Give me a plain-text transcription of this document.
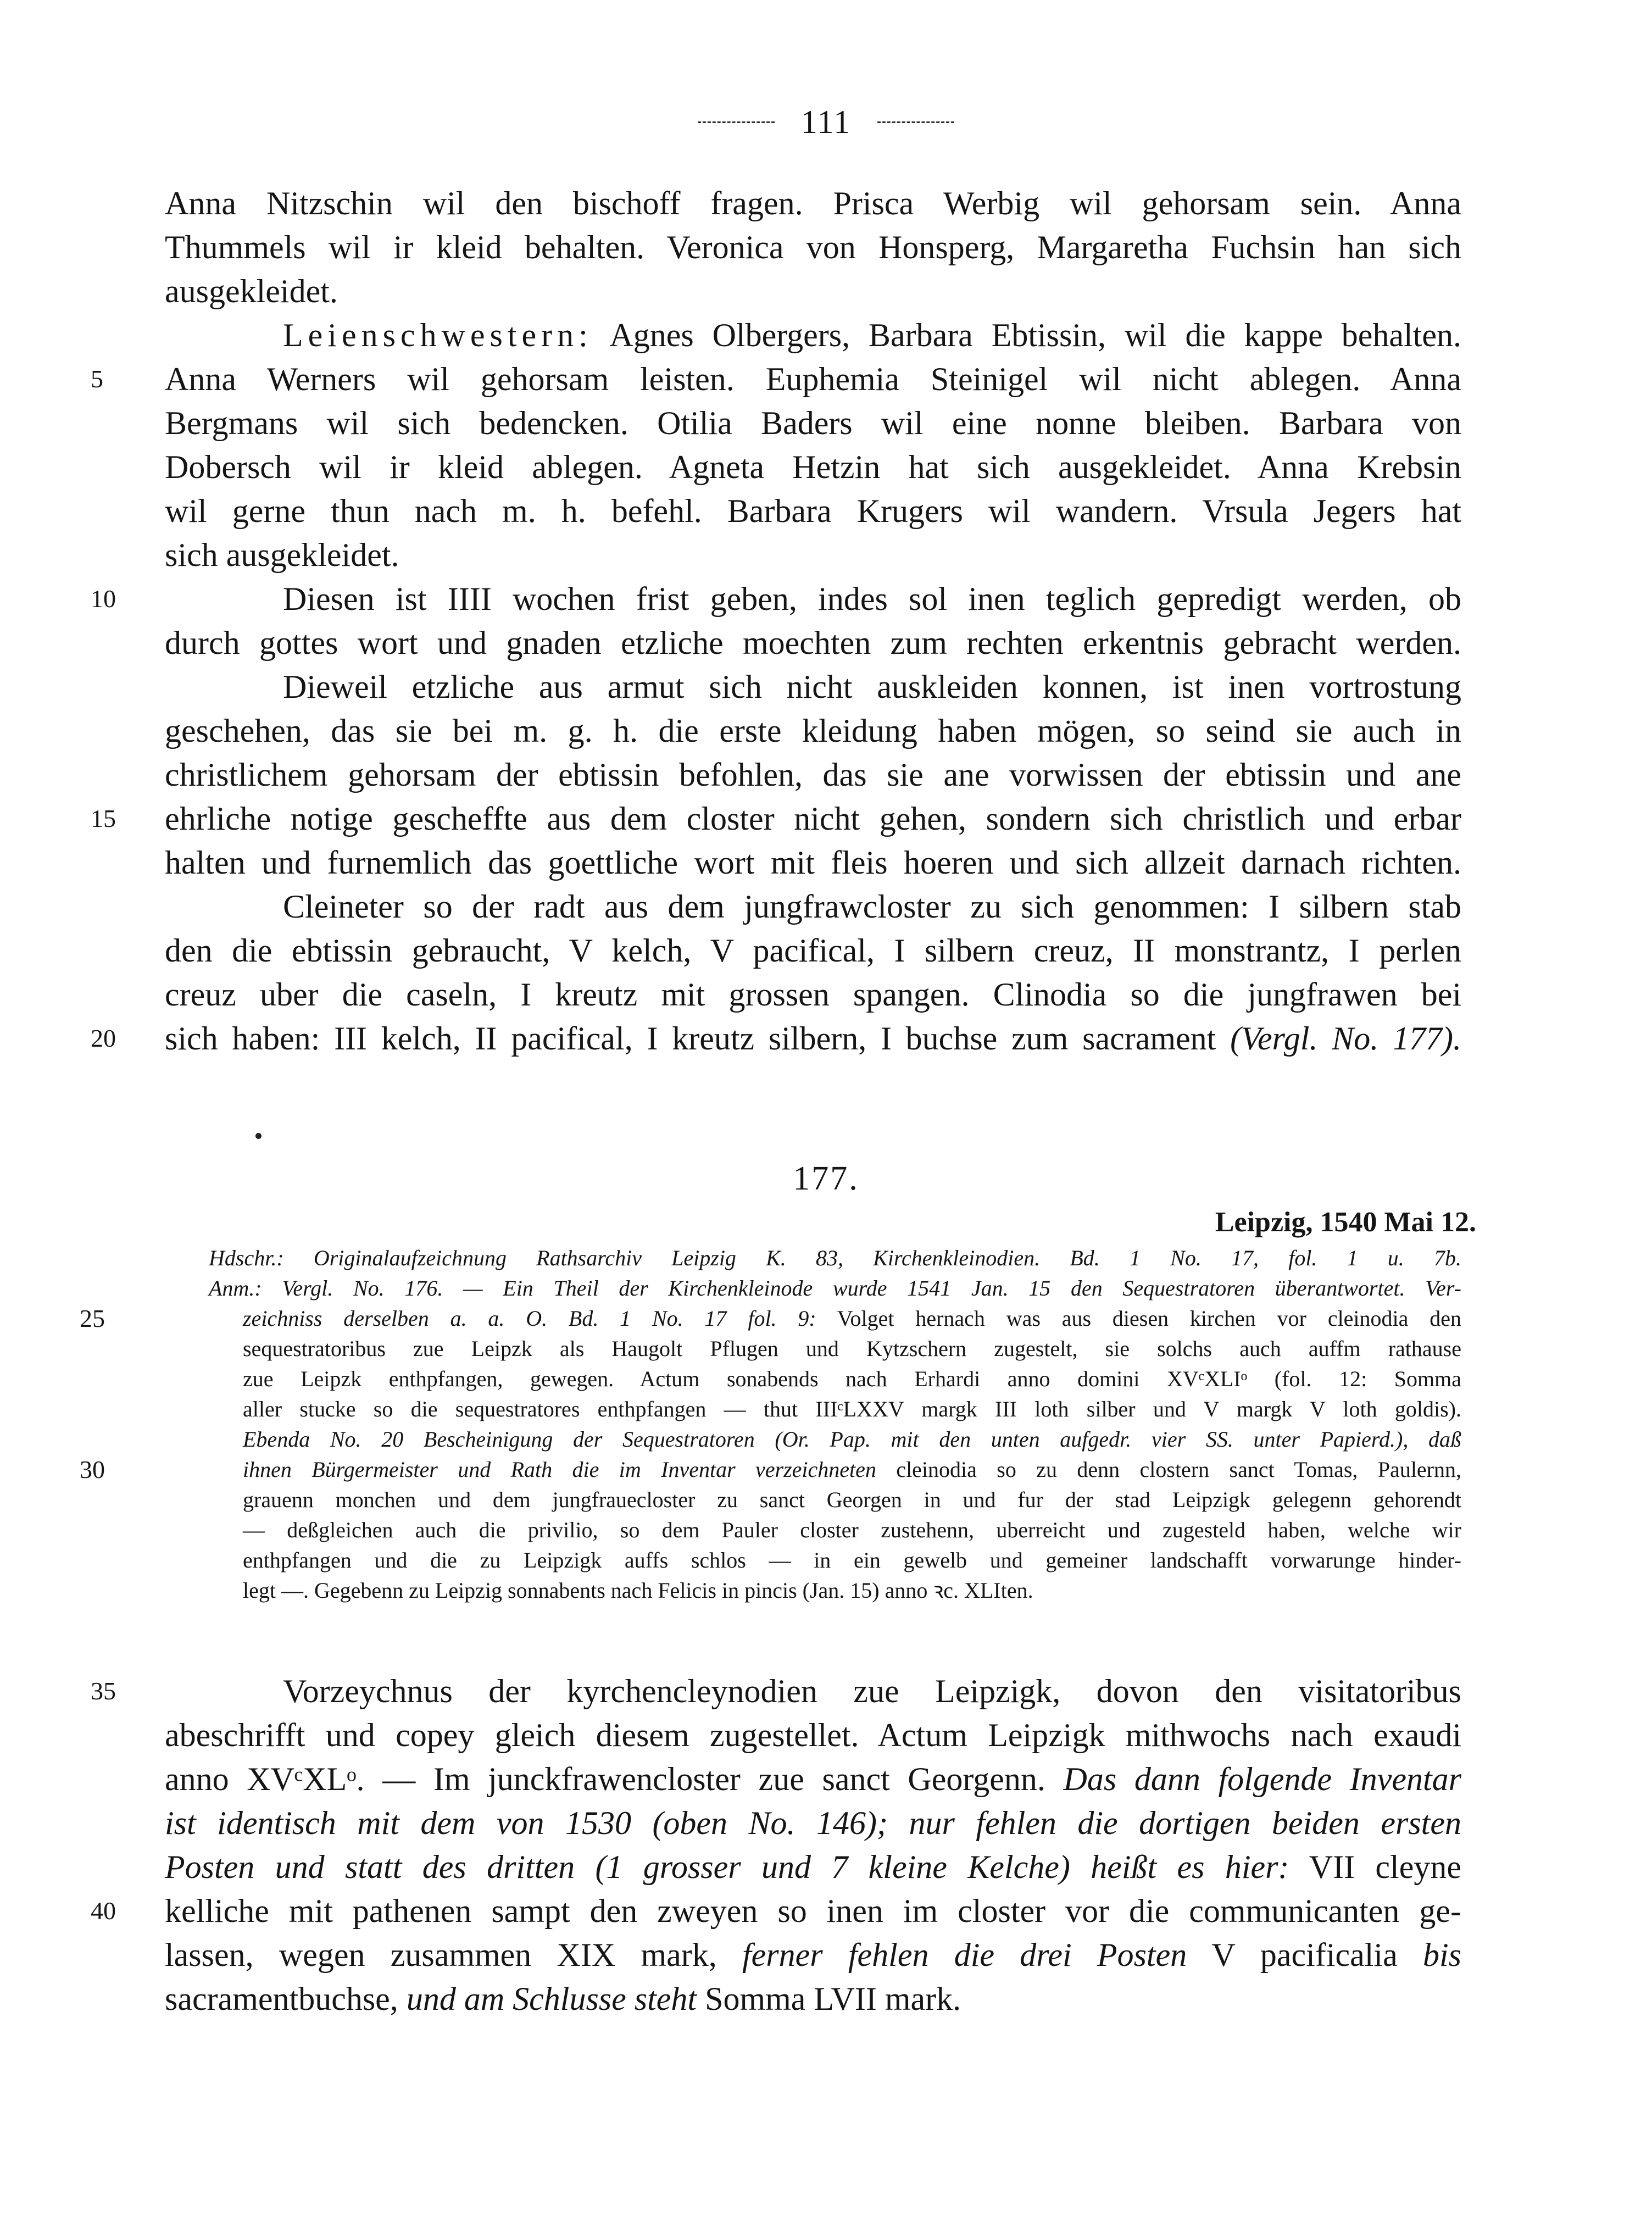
111
Anna Nitzschin wil den bischoff fragen. Prisca Werbig wil gehorsam sein. Anna
Thummels wil ir kleid behalten. Veronica von Honsperg, Margaretha Fuchsin han sich
ausgekleidet.
Leienschwestern: Agnes Olbergers, Barbara Ebtissin, wil die kappe behalten.
5	Anna Werners wil gehorsam leisten. Euphemia Steinigel wil nicht ablegen. Anna
Bergmans wil sich bedencken. Otilia Baders wil eine nonne bleiben. Barbara von
Dobersch wil ir kleid ablegen. Agneta Hetzin hat sich ausgekleidet. Anna Krebsin
wil gerne thun nach m. h. befehl. Barbara Krugers wil wandern. Vrsula Jegers hat
sich ausgekleidet.
10	Diesen ist IIII wochen frist geben, indes sol inen teglich gepredigt werden, ob
durch gottes wort und gnaden etzliche moechten zum rechten erkentnis gebracht werden.
Dieweil etzliche aus armut sich nicht auskleiden konnen, ist inen vortrostung
geschehen, das sie bei m. g. h. die erste kleidung haben mögen, so seind sie auch in
christlichem gehorsam der ebtissin befohlen, das sie ane vorwissen der ebtissin und ane
15	ehrliche notige gescheffte aus dem closter nicht gehen, sondern sich christlich und erbar
halten und furnemlich das goettliche wort mit fleis hoeren und sich allzeit darnach richten.
Cleineter so der radt aus dem jungfrawcloster zu sich genommen: I silbern stab
den die ebtissin gebraucht, V kelch, V pacifical, I silbern creuz, II monstrantz, I perlen
creuz uber die caseln, I kreutz mit grossen spangen. Clinodia so die jungfrawen bei
20	sich haben: III kelch, II pacifical, I kreutz silbern, I buchse zum sacrament (Vergl. No. 177).
177.
Leipzig, 1540 Mai 12.
Hdschr.: Originalaufzeichnung Rathsarchiv Leipzig K. 83, Kirchenkleinodien. Bd. 1 No. 17, fol. 1 u. 7b.
Anm.: Vergl. No. 176. — Ein Theil der Kirchenkleinode wurde 1541 Jan. 15 den Sequestratoren überantwortet. Ver-
25	zeichniss derselben a. a. O. Bd. 1 No. 17 fol. 9: Volget hernach was aus diesen kirchen vor cleinodia den
sequestratoribus zue Leipzk als Haugolt Pflugen und Kytzschern zugestelt, sie solchs auch auffm rathause
zue Leipzk enthpfangen, gewegen. Actum sonabends nach Erhardi anno domini XVᶜXLIᵒ (fol. 12: Somma
aller stucke so die sequestratores enthpfangen — thut IIIᶜLXXV margk III loth silber und V margk V loth goldis).
Ebenda No. 20 Bescheinigung der Sequestratoren (Or. Pap. mit den unten aufgedr. vier SS. unter Papierd.), daß
30	ihnen Bürgermeister und Rath die im Inventar verzeichneten cleinodia so zu denn clostern sanct Tomas, Paulernn,
grauenn monchen und dem jungfrauecloster zu sanct Georgen in und fur der stad Leipzigk gelegenn gehorendt
— deßgleichen auch die privilio, so dem Pauler closter zustehenn, uberreicht und zugesteld haben, welche wir
enthpfangen und die zu Leipzigk auffs schlos — in ein gewelb und gemeiner landschafft vorwarunge hinder-
legt —. Gegebenn zu Leipzig sonnabents nach Felicis in pincis (Jan. 15) anno ꝛc. XLIten.
35	Vorzeychnus der kyrchencleynodien zue Leipzigk, dovon den visitatoribus
abeschrifft und copey gleich diesem zugestellet. Actum Leipzigk mithwochs nach exaudi
anno XVᶜXLᵒ. — Im junckfrawencloster zue sanct Georgenn. Das dann folgende Inventar
ist identisch mit dem von 1530 (oben No. 146); nur fehlen die dortigen beiden ersten
Posten und statt des dritten (1 grosser und 7 kleine Kelche) heißt es hier: VII cleyne
40	kelliche mit pathenen sampt den zweyen so inen im closter vor die communicanten ge-
lassen, wegen zusammen XIX mark, ferner fehlen die drei Posten V pacificalia bis
sacramentbuchse, und am Schlusse steht Somma LVII mark.
